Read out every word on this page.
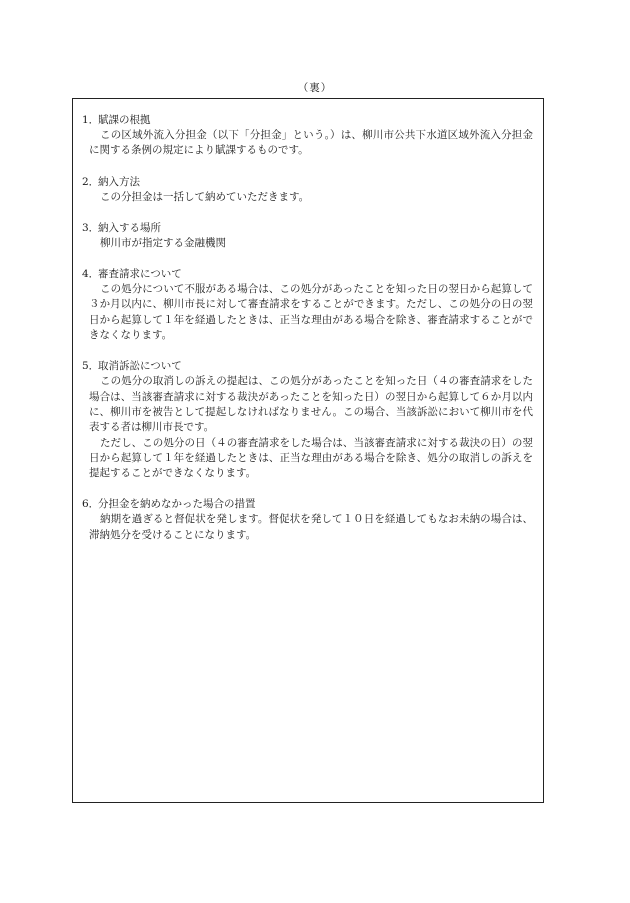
（裏）
1．賦課の根拠

この区域外流入分担金（以下「分担金」という。）は、柳川市公共下水道区域外流入分担金に関する条例の規定により賦課するものです。

2．納入方法

この分担金は一括して納めていただきます。

3．納入する場所

柳川市が指定する金融機関

4．審査請求について

この処分について不服がある場合は、この処分があったことを知った日の翌日から起算して３か月以内に、柳川市長に対して審査請求をすることができます。ただし、この処分の日の翌日から起算して１年を経過したときは、正当な理由がある場合を除き、審査請求することができなくなります。

5．取消訴訟について

この処分の取消しの訴えの提起は、この処分があったことを知った日（４の審査請求をした場合は、当該審査請求に対する裁決があったことを知った日）の翌日から起算して６か月以内に、柳川市を被告として提起しなければなりません。この場合、当該訴訟において柳川市を代表する者は柳川市長です。

ただし、この処分の日（４の審査請求をした場合は、当該審査請求に対する裁決の日）の翌日から起算して１年を経過したときは、正当な理由がある場合を除き、処分の取消しの訴えを提起することができなくなります。

6．分担金を納めなかった場合の措置

納期を過ぎると督促状を発します。督促状を発して１０日を経過してもなお未納の場合は、滞納処分を受けることになります。
